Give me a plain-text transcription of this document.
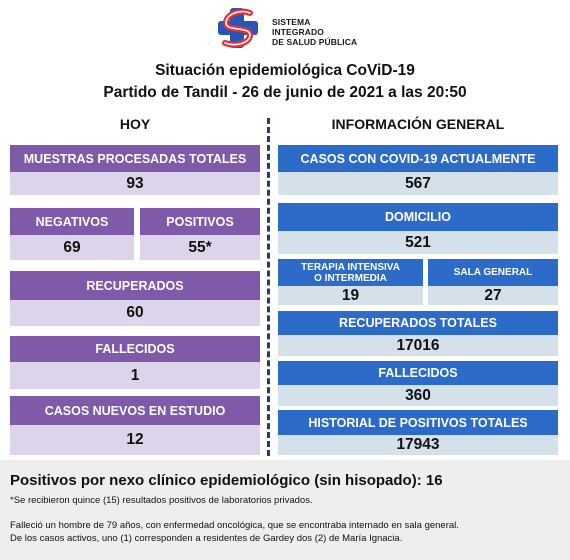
SISTEMA INTEGRADO
DE SALUD PÚBLICA
Situación epidemiológica CoViD-19
Partido de Tandil - 26 de junio de 2021 a las 20:50
HOY	INFORMACIÓN GENERAL
MUESTRAS PROCESADAS TOTALES
93
NEGATIVOS
69
POSITIVOS
55*
RECUPERADOS
60
FALLECIDOS
1
CASOS NUEVOS EN ESTUDIO
12
CASOS CON COVID-19 ACTUALMENTE
567
DOMICILIO
521
TERAPIA INTENSIVA
O INTERMEDIA
19
SALA GENERAL
27
RECUPERADOS TOTALES
17016
FALLECIDOS
360
HISTORIAL DE POSITIVOS TOTALES
17943
Positivos por nexo clínico epidemiológico (sin hisopado): 16
*Se recibieron quince (15) resultados positivos de laboratorios privados.
Falleció un hombre de 79 años, con enfermedad oncológica, que se encontraba internado en sala general.
De los casos activos, uno (1) corresponden a residentes de Gardey dos (2) de María Ignacia.
